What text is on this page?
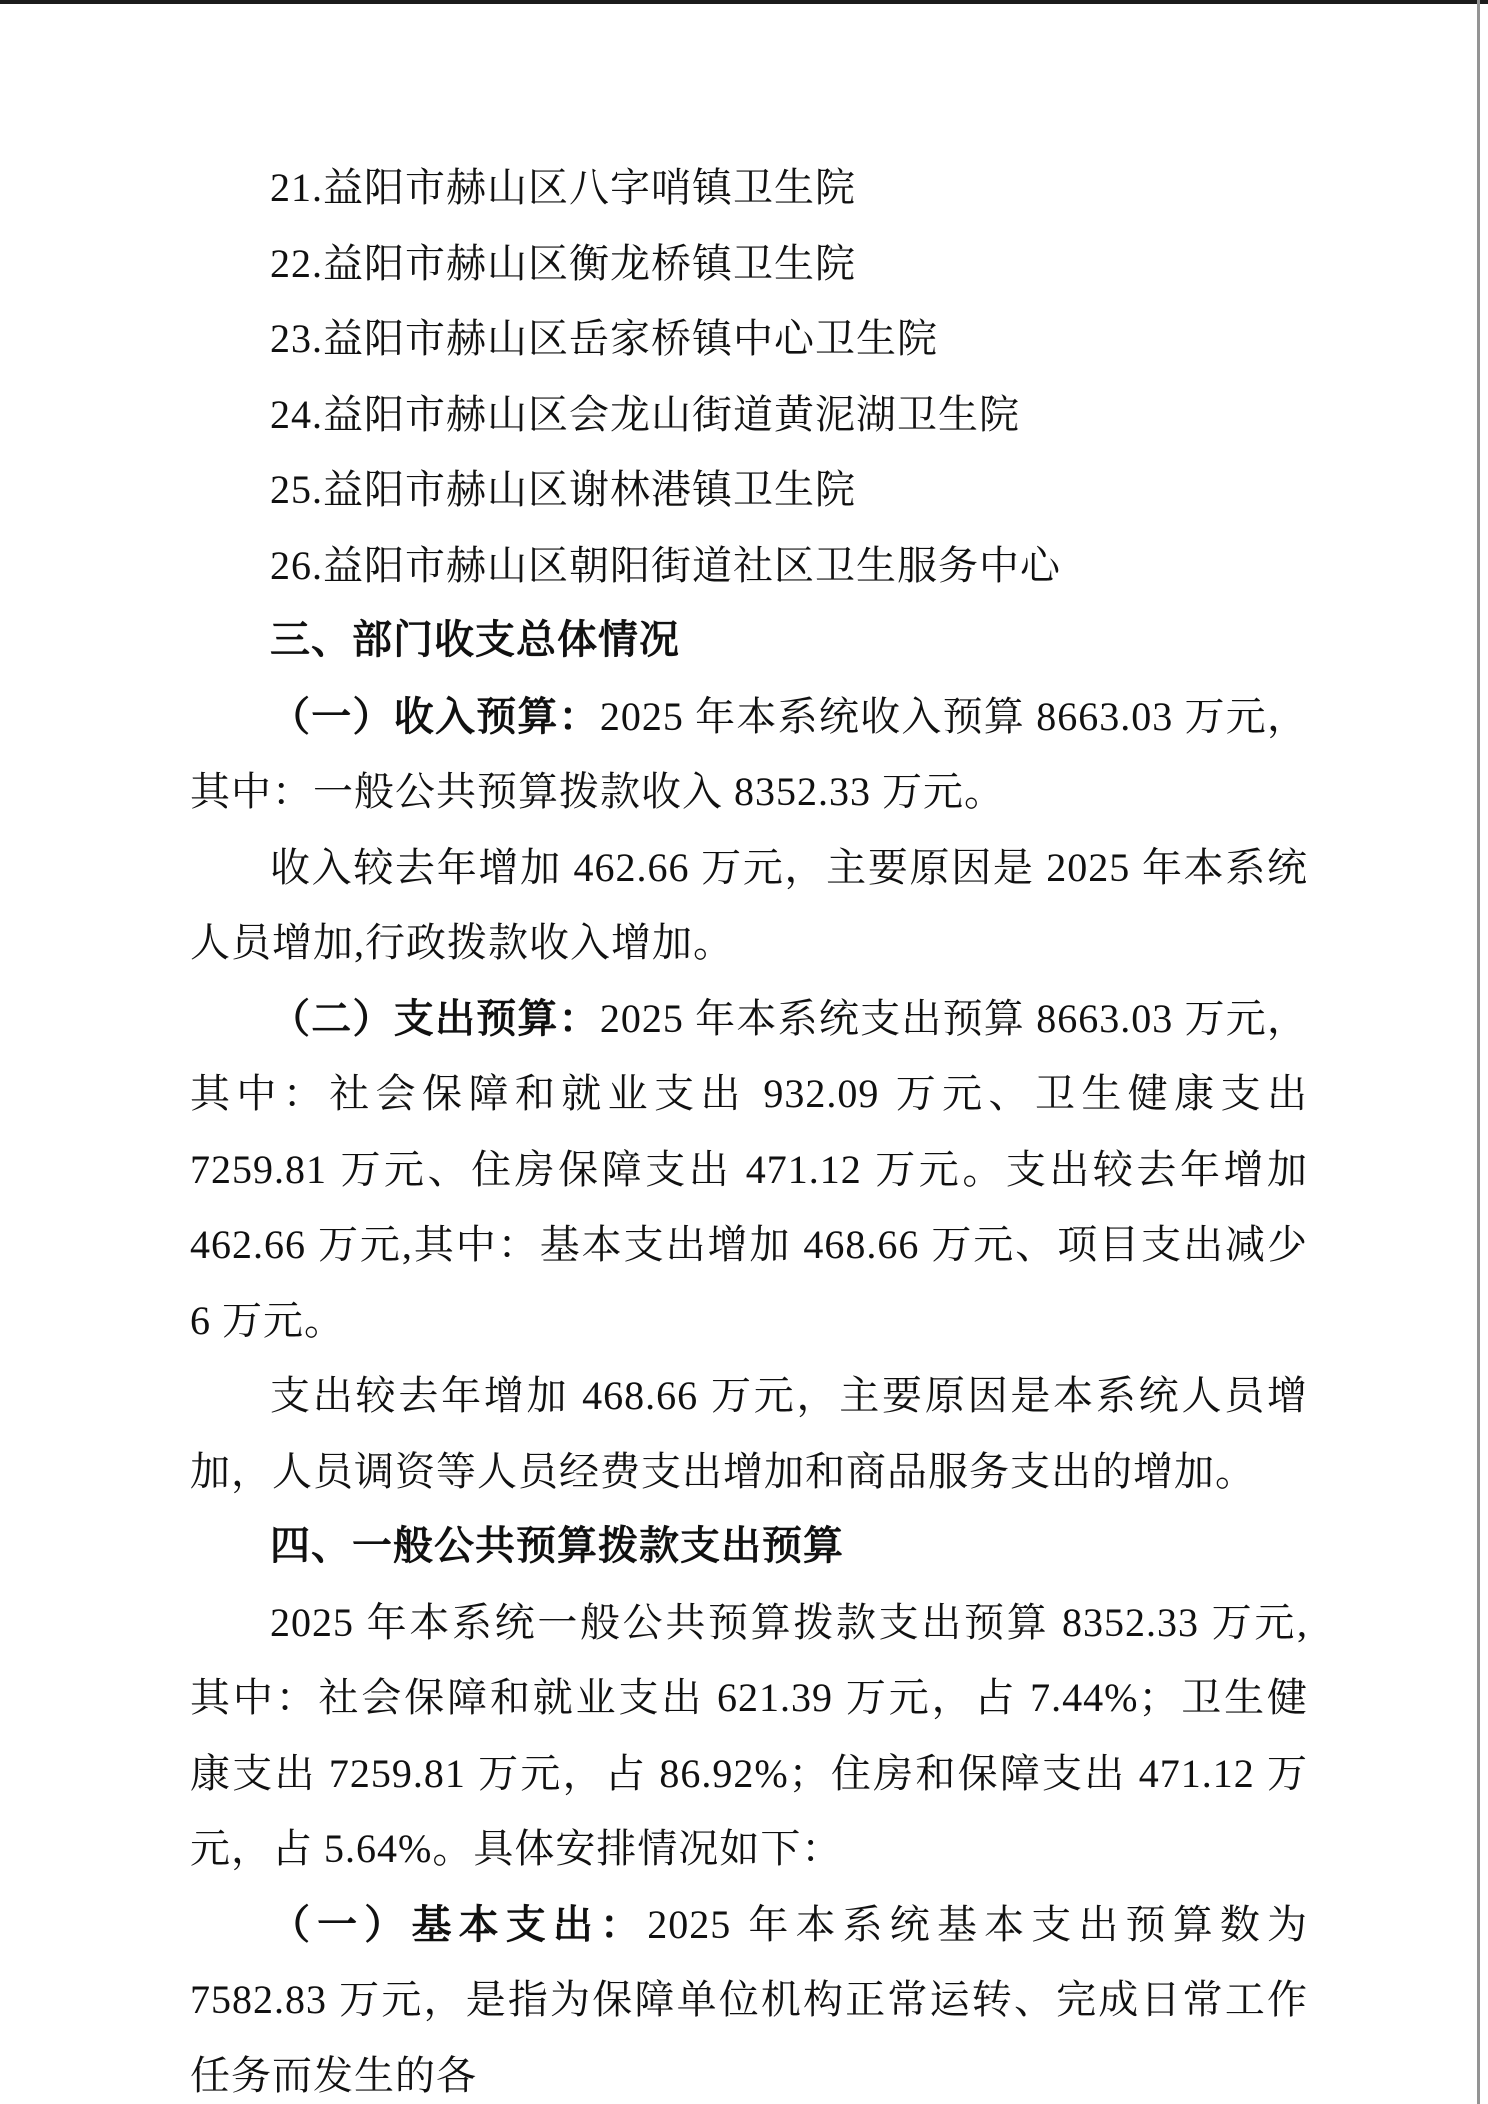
21.益阳市赫山区八字哨镇卫生院
22.益阳市赫山区衡龙桥镇卫生院
23.益阳市赫山区岳家桥镇中心卫生院
24.益阳市赫山区会龙山街道黄泥湖卫生院
25.益阳市赫山区谢林港镇卫生院
26.益阳市赫山区朝阳街道社区卫生服务中心
三、部门收支总体情况

（一）收入预算：2025 年本系统收入预算 8663.03 万元，其中：一般公共预算拨款收入 8352.33 万元。

收入较去年增加 462.66 万元，主要原因是 2025 年本系统人员增加,行政拨款收入增加。

（二）支出预算：2025 年本系统支出预算 8663.03 万元，其中：社会保障和就业支出 932.09 万元、卫生健康支出 7259.81 万元、住房保障支出 471.12 万元。支出较去年增加 462.66 万元,其中：基本支出增加 468.66 万元、项目支出减少 6 万元。

支出较去年增加 468.66 万元，主要原因是本系统人员增加，人员调资等人员经费支出增加和商品服务支出的增加。

四、一般公共预算拨款支出预算

2025 年本系统一般公共预算拨款支出预算 8352.33 万元,其中：社会保障和就业支出 621.39 万元，占 7.44%；卫生健康支出 7259.81 万元，占 86.92%；住房和保障支出 471.12 万元，占 5.64%。具体安排情况如下：

（一）基本支出：2025 年本系统基本支出预算数为 7582.83 万元，是指为保障单位机构正常运转、完成日常工作任务而发生的各
